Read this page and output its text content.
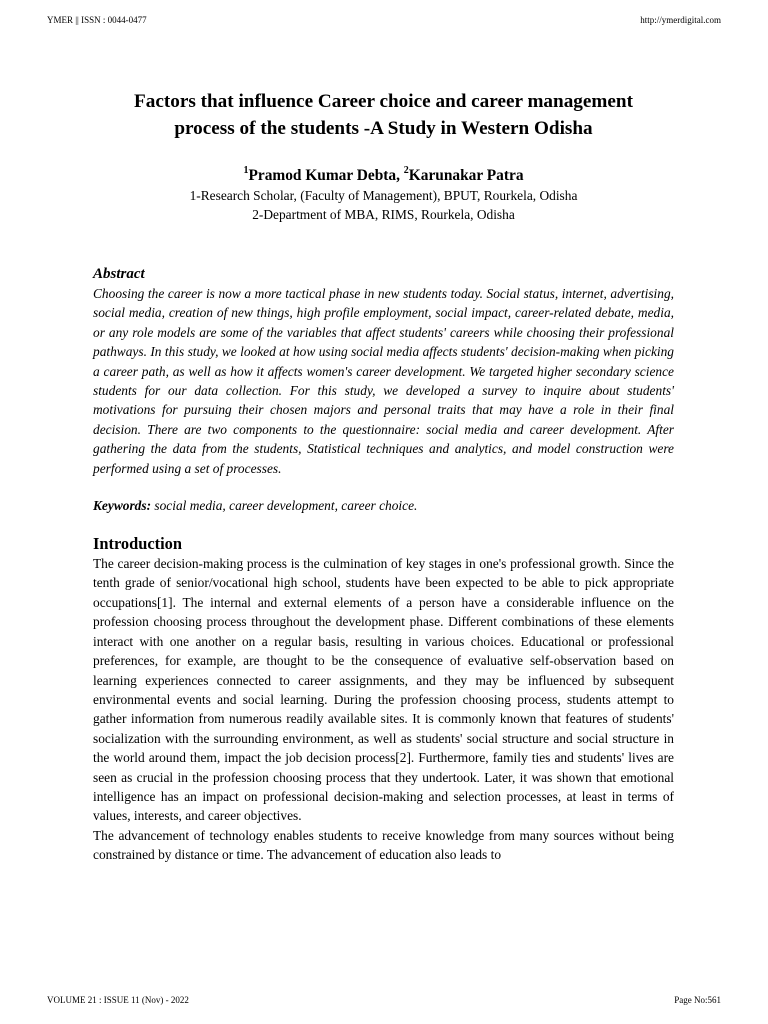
YMER || ISSN : 0044-0477	http://ymerdigital.com
Factors that influence Career choice and career management
process of the students -A Study in Western Odisha
$^1$Pramod Kumar Debta, $^2$Karunakar Patra
1-Research Scholar, (Faculty of Management), BPUT, Rourkela, Odisha
2-Department of MBA, RIMS, Rourkela, Odisha
Abstract

Choosing the career is now a more tactical phase in new students today. Social status, internet, advertising, social media, creation of new things, high profile employment, social impact, career-related debate, media, or any role models are some of the variables that affect students' careers while choosing their professional pathways. In this study, we looked at how using social media affects students' decision-making when picking a career path, as well as how it affects women's career development. We targeted higher secondary science students for our data collection. For this study, we developed a survey to inquire about students' motivations for pursuing their chosen majors and personal traits that may have a role in their final decision. There are two components to the questionnaire: social media and career development. After gathering the data from the students, Statistical techniques and analytics, and model construction were performed using a set of processes.

Keywords: social media, career development, career choice.
Introduction

The career decision-making process is the culmination of key stages in one's professional growth. Since the tenth grade of senior/vocational high school, students have been expected to be able to pick appropriate occupations[1]. The internal and external elements of a person have a considerable influence on the profession choosing process throughout the development phase. Different combinations of these elements interact with one another on a regular basis, resulting in various choices. Educational or professional preferences, for example, are thought to be the consequence of evaluative self-observation based on learning experiences connected to career assignments, and they may be influenced by subsequent environmental events and social learning. During the profession choosing process, students attempt to gather information from numerous readily available sites. It is commonly known that features of students' socialization with the surrounding environment, as well as students' social structure and social structure in the world around them, impact the job decision process[2]. Furthermore, family ties and students' lives are seen as crucial in the profession choosing process that they undertook. Later, it was shown that emotional intelligence has an impact on professional decision-making and selection processes, at least in terms of values, interests, and career objectives.

The advancement of technology enables students to receive knowledge from many sources without being constrained by distance or time. The advancement of education also leads to

VOLUME 21 : ISSUE 11 (Nov) - 2022	Page No:561
